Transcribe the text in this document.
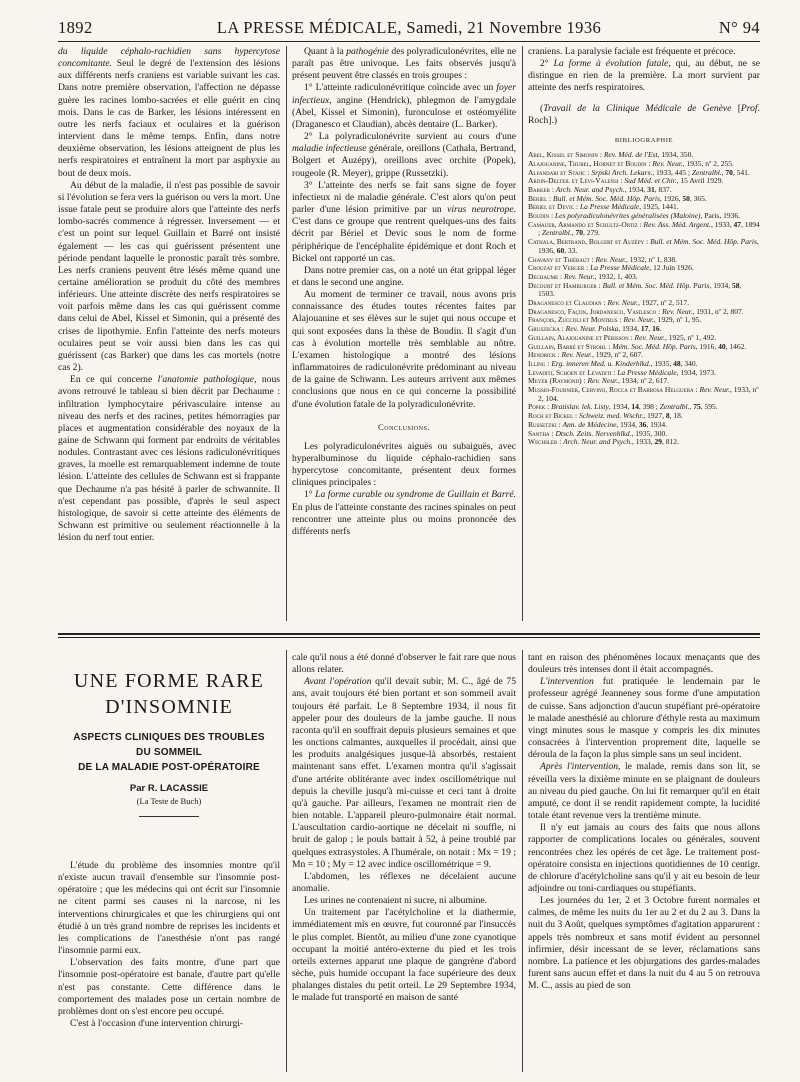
1892	LA PRESSE MÉDICALE, Samedi, 21 Novembre 1936	N° 94

du liquide céphalo-rachidien sans hypercytose concomitante. Seul le degré de l'extension des lésions aux différents nerfs craniens est variable suivant les cas. Dans notre première observation, l'affection ne dépasse guère les racines lombo-sacrées et elle guérit en cinq mois. Dans le cas de Barker, les lésions intéressent en outre les nerfs faciaux et oculaires et la guérison intervient dans le même temps. Enfin, dans notre deuxième observation, les lésions atteignent de plus les nerfs respiratoires et entraînent la mort par asphyxie au bout de deux mois.

Au début de la maladie, il n'est pas possible de savoir si l'évolution se fera vers la guérison ou vers la mort. Une issue fatale peut se produire alors que l'atteinte des nerfs lombo-sacrés commence à régresser. Inversement — et c'est un point sur lequel Guillain et Barré ont insisté également — les cas qui guérissent présentent une période pendant laquelle le pronostic paraît très sombre. Les nerfs craniens peuvent être lésés même quand une certaine amélioration se produit du côté des membres inférieurs. Une atteinte discrète des nerfs respiratoires se voit parfois même dans les cas qui guérissent comme dans celui de Abel, Kissel et Simonin, qui a présenté des crises de lipothymie. Enfin l'atteinte des nerfs moteurs oculaires peut se voir aussi bien dans les cas qui guérissent (cas Barker) que dans les cas mortels (notre cas 2).

En ce qui concerne l'anatomie pathologique, nous avons retrouvé le tableau si bien décrit par Dechaume : infiltration lymphocytaire périvasculaire intense au niveau des nerfs et des racines, petites hémorragies par places et augmentation considérable des noyaux de la gaine de Schwann qui forment par endroits de véritables nodules. Contrastant avec ces lésions radiculonévritiques graves, la moelle est remarquablement indemne de toute lésion. L'atteinte des cellules de Schwann est si frappante que Dechaume n'a pas hésité à parler de schwannite. Il n'est cependant pas possible, d'après le seul aspect histologique, de savoir si cette atteinte des éléments de Schwann est primitive ou seulement réactionnelle à la lésion du nerf tout entier.

Quant à la pathogénie des polyradiculonévrites, elle ne paraît pas être univoque. Les faits observés jusqu'à présent peuvent être classés en trois groupes :

1° L'atteinte radiculonévritique coïncide avec un foyer infectieux, angine (Hendrick), phlegmon de l'amygdale (Abel, Kissel et Simonin), furonculose et ostéomyélite (Draganesco et Claudian), abcès dentaire (L. Barker).

2° La polyradiculonévrite survient au cours d'une maladie infectieuse générale, oreillons (Cathala, Bertrand, Bolgert et Auzépy), oreillons avec orchite (Popek), rougeole (R. Meyer), grippe (Russetzki).

3° L'atteinte des nerfs se fait sans signe de foyer infectieux ni de maladie générale. C'est alors qu'on peut parler d'une lésion primitive par un virus neurotrope. C'est dans ce groupe que rentrent quelques-uns des faits décrit par Bériel et Devic sous le nom de forme périphérique de l'encéphalite épidémique et dont Roch et Bickel ont rapporté un cas.

Dans notre premier cas, on a noté un état grippal léger et dans le second une angine.

Au moment de terminer ce travail, nous avons pris connaissance des études toutes récentes faites par Alajouanine et ses élèves sur le sujet qui nous occupe et qui sont exposées dans la thèse de Boudin. Il s'agit d'un cas à évolution mortelle très semblable au nôtre. L'examen histologique a montré des lésions inflammatoires de radiculonévrite prédominant au niveau de la gaine de Schwann. Les auteurs arrivent aux mêmes conclusions que nous en ce qui concerne la possibilité d'une évolution fatale de la polyradiculonévrite.

Conclusions.

Les polyradiculonévrites aiguës ou subaiguës, avec hyperalbuminose du liquide céphalo-rachidien sans hypercytose concomitante, présentent deux formes cliniques principales :

1° La forme curable ou syndrome de Guillain et Barré. En plus de l'atteinte constante des racines spinales on peut rencontrer une atteinte plus ou moins prononcée des différents nerfs

craniens. La paralysie faciale est fréquente et précoce.

2° La forme à évolution fatale, qui, au début, ne se distingue en rien de la première. La mort survient par atteinte des nerfs respiratoires.

(Travail de la Clinique Médicale de Genève [Prof. Roch].)

BIBLIOGRAPHIE

Abel, Kissel et Simonin : Rev. Méd. de l'Est, 1934, 350.

Alajouanine, Thurel, Hornet et Boudin : Rev. Neur., 1935, nº 2, 255.

Alfandari et Stajic : Srpski Arch. Lekars., 1933, 445 ; Zentralbl., 70, 541.

Ardin-Delteil et Lévi-Valensi : Sud Méd. et Chir., 15 Avril 1929.

Barker : Arch. Neur. and Psych., 1934, 31, 837.

Bériel : Bull. et Mém. Soc. Méd. Hôp. Paris, 1926, 50, 365.

Bériel et Devic : La Presse Médicale, 1925, 1441.

Boudin : Les polyradiculonévrites généralisées (Maloine), Paris, 1936.

Camauer, Armando et Schultz-Ortiz : Rev. Ass. Méd. Argent., 1933, 47, 1894 ; Zentralbl., 70, 279.

Cathala, Bertrand, Bolgert et Auzépy : Bull. et Mém. Soc. Méd. Hôp. Paris, 1936, 60, 33.

Chavany et Thiébaut : Rev. Neur., 1932, nº 1, 838.

Crouzat et Verger : La Presse Médicale, 12 Juin 1926.

Dechaume : Rev. Neur., 1932, 1, 403.

Decourt et Hamburger : Bull. et Mém. Soc. Méd. Hôp. Paris, 1934, 58, 1503.

Draganesco et Claudian : Rev. Neur., 1927, nº 2, 517.

Draganesco, Façon, Jordanesco, Vasilesco : Rev. Neur., 1931, nº 2, 807.

François, Zuccoli et Montrus : Rev. Neur., 1929, nº 1, 95.

Gruszecka : Rev. Neur. Polska, 1934, 17, 16.

Guillain, Alajouanine et Périsson : Rev. Neur., 1925, nº 1, 492.

Guillain, Barré et Strohl : Mém. Soc. Méd. Hôp. Paris, 1916, 40, 1462.

Hendrick : Rev. Neur., 1929, nº 2, 607.

Illing : Erg. inneren Med. u. Kinderhlkd., 1935, 48, 340.

Levaditi, Schoen et Levaditi : La Presse Médicale, 1934, 1973.

Meyer (Raymond) : Rev. Neur., 1934, nº 2, 617.

Mussio-Fournier, Cervino, Rocca et Barrosa Helguera : Rev. Neur., 1933, nº 2, 104.

Popek : Bratislav. lek. Listy, 1934, 14, 398 ; Zentralbl., 75, 595.

Roch et Bickel : Schweiz. med. Wschr., 1927, 8, 18.

Russetzki : Ann. de Médecine, 1934, 36, 1934.

Santha : Dtsch. Zeits. Nervenhlkd., 1935, 300.

Wechsler : Arch. Neur. and Psych., 1933, 29, 812.

UNE FORME RARE
D'INSOMNIE
ASPECTS CLINIQUES DES TROUBLES
DU SOMMEIL
DE LA MALADIE POST-OPÉRATOIRE
Par R. LACASSIE
(La Teste de Buch)

L'étude du problème des insomnies montre qu'il n'existe aucun travail d'ensemble sur l'insomnie post-opératoire ; que les médecins qui ont écrit sur l'insomnie ne citent parmi ses causes ni la narcose, ni les interventions chirurgicales et que les chirurgiens qui ont étudié à un très grand nombre de reprises les incidents et les complications de l'anesthésie n'ont pas rangé l'insomnie parmi eux.

L'observation des faits montre, d'une part que l'insomnie post-opératoire est banale, d'autre part qu'elle n'est pas constante. Cette différence dans le comportement des malades pose un certain nombre de problèmes dont on s'est encore peu occupé.

C'est à l'occasion d'une intervention chirurgi-

cale qu'il nous a été donné d'observer le fait rare que nous allons relater.

Avant l'opération qu'il devait subir, M. C., âgé de 75 ans, avait toujours été bien portant et son sommeil avait toujours été parfait. Le 8 Septembre 1934, il nous fit appeler pour des douleurs de la jambe gauche. Il nous raconta qu'il en souffrait depuis plusieurs semaines et que les onctions calmantes, auxquelles il procédait, ainsi que les produits analgésiques jusque-là absorbés, restaient maintenant sans effet. L'examen montra qu'il s'agissait d'une artérite oblitérante avec index oscillométrique nul depuis la cheville jusqu'à mi-cuisse et ceci tant à droite qu'à gauche. Par ailleurs, l'examen ne montrait rien de bien notable. L'appareil pleuro-pulmonaire était normal. L'auscultation cardio-aortique ne décelait ni souffle, ni bruit de galop ; le pouls battait à 52, à peine troublé par quelques extrasystoles. A l'humérale, on notait : Mx = 19 ; Mn = 10 ; My = 12 avec indice oscillométrique = 9.

L'abdomen, les réflexes ne décelaient aucune anomalie.

Les urines ne contenaient ni sucre, ni albumine.

Un traitement par l'acétylcholine et la diathermie, immédiatement mis en œuvre, fut couronné par l'insuccès le plus complet. Bientôt, au milieu d'une zone cyanotique occupant la moitié antéro-externe du pied et les trois orteils externes apparut une plaque de gangrène d'abord sèche, puis humide occupant la face supérieure des deux phalanges distales du petit orteil. Le 29 Septembre 1934, le malade fut transporté en maison de santé

tant en raison des phénomènes locaux menaçants que des douleurs très intenses dont il était accompagnés.

L'intervention fut pratiquée le lendemain par le professeur agrégé Jeanneney sous forme d'une amputation de cuisse. Sans adjonction d'aucun stupéfiant pré-opératoire le malade anesthésié au chlorure d'éthyle resta au maximum vingt minutes sous le masque y compris les dix minutes consacrées à l'intervention proprement dite, laquelle se déroula de la façon la plus simple sans un seul incident.

Après l'intervention, le malade, remis dans son lit, se réveilla vers la dixième minute en se plaignant de douleurs au niveau du pied gauche. On lui fit remarquer qu'il en était amputé, ce dont il se rendit rapidement compte, la lucidité totale étant revenue vers la trentième minute.

Il n'y eut jamais au cours des faits que nous allons rapporter de complications locales ou générales, souvent rencontrées chez les opérés de cet âge. Le traitement post-opératoire consista en injections quotidiennes de 10 centigr. de chlorure d'acétylcholine sans qu'il y ait eu besoin de leur adjoindre ou toni-cardiaques ou stupéfiants.

Les journées du 1er, 2 et 3 Octobre furent normales et calmes, de même les nuits du 1er au 2 et du 2 au 3. Dans la nuit du 3 Août, quelques symptômes d'agitation apparurent : appels très nombreux et sans motif évident au personnel infirmier, désir incessant de se lever, réclamations sans nombre. La patience et les objurgations des gardes-malades furent sans aucun effet et dans la nuit du 4 au 5 on retrouva M. C., assis au pied de son
